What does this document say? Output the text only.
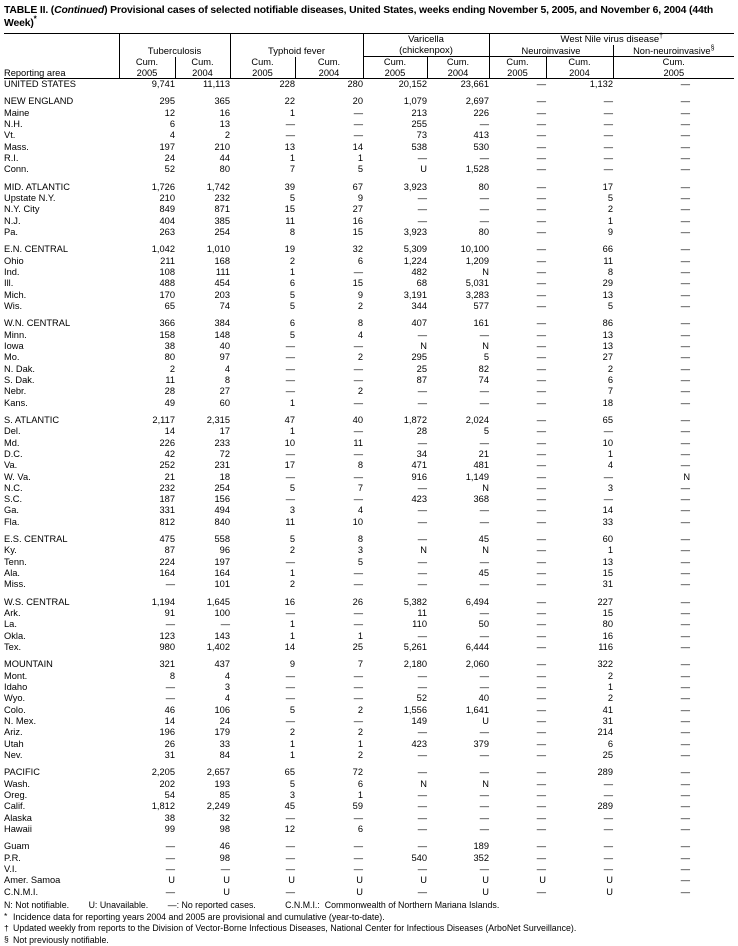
TABLE II. (Continued) Provisional cases of selected notifiable diseases, United States, weeks ending November 5, 2005, and November 6, 2004 (44th Week)*
					Varicella		West Nile virus disease†
	Tuberculosis		Typhoid fever		(chickenpox)		Neuroinvasive		Non-neuroinvasive§
	Cum.	Cum.	Cum.	Cum.	Cum.	Cum.	Cum.	Cum.	Cum.	
Reporting area	2005	2004	2005	2004	2005	2004	2005	2004	2005	
UNITED STATES	9,741	11,113	228	280	20,152	23,661	—	1,132	—	

NEW ENGLAND	295	365	22	20	1,079	2,697	—	—	—	
Maine	12	16	1	—	213	226	—	—	—	
N.H.	6	13	—	—	255	—	—	—	—	
Vt.	4	2	—	—	73	413	—	—	—	
Mass.	197	210	13	14	538	530	—	—	—	
R.I.	24	44	1	1	—	—	—	—	—	
Conn.	52	80	7	5	U	1,528	—	—	—	

MID. ATLANTIC	1,726	1,742	39	67	3,923	80	—	17	—	
Upstate N.Y.	210	232	5	9	—	—	—	5	—	
N.Y. City	849	871	15	27	—	—	—	2	—	
N.J.	404	385	11	16	—	—	—	1	—	
Pa.	263	254	8	15	3,923	80	—	9	—	

E.N. CENTRAL	1,042	1,010	19	32	5,309	10,100	—	66	—	
Ohio	211	168	2	6	1,224	1,209	—	11	—	
Ind.	108	111	1	—	482	N	—	8	—	
Ill.	488	454	6	15	68	5,031	—	29	—	
Mich.	170	203	5	9	3,191	3,283	—	13	—	
Wis.	65	74	5	2	344	577	—	5	—	

W.N. CENTRAL	366	384	6	8	407	161	—	86	—	
Minn.	158	148	5	4	—	—	—	13	—	
Iowa	38	40	—	—	N	N	—	13	—	
Mo.	80	97	—	2	295	5	—	27	—	
N. Dak.	2	4	—	—	25	82	—	2	—	
S. Dak.	11	8	—	—	87	74	—	6	—	
Nebr.	28	27	—	2	—	—	—	7	—	
Kans.	49	60	1	—	—	—	—	18	—	

S. ATLANTIC	2,117	2,315	47	40	1,872	2,024	—	65	—	
Del.	14	17	1	—	28	5	—	—	—	
Md.	226	233	10	11	—	—	—	10	—	
D.C.	42	72	—	—	34	21	—	1	—	
Va.	252	231	17	8	471	481	—	4	—	
W. Va.	21	18	—	—	916	1,149	—	—	N	
N.C.	232	254	5	7	—	N	—	3	—	
S.C.	187	156	—	—	423	368	—	—	—	
Ga.	331	494	3	4	—	—	—	14	—	
Fla.	812	840	11	10	—	—	—	33	—	

E.S. CENTRAL	475	558	5	8	—	45	—	60	—	
Ky.	87	96	2	3	N	N	—	1	—	
Tenn.	224	197	—	5	—	—	—	13	—	
Ala.	164	164	1	—	—	45	—	15	—	
Miss.	—	101	2	—	—	—	—	31	—	

W.S. CENTRAL	1,194	1,645	16	26	5,382	6,494	—	227	—	
Ark.	91	100	—	—	11	—	—	15	—	
La.	—	—	1	—	110	50	—	80	—	
Okla.	123	143	1	1	—	—	—	16	—	
Tex.	980	1,402	14	25	5,261	6,444	—	116	—	

MOUNTAIN	321	437	9	7	2,180	2,060	—	322	—	
Mont.	8	4	—	—	—	—	—	2	—	
Idaho	—	3	—	—	—	—	—	1	—	
Wyo.	—	4	—	—	52	40	—	2	—	
Colo.	46	106	5	2	1,556	1,641	—	41	—	
N. Mex.	14	24	—	—	149	U	—	31	—	
Ariz.	196	179	2	2	—	—	—	214	—	
Utah	26	33	1	1	423	379	—	6	—	
Nev.	31	84	1	2	—	—	—	25	—	

PACIFIC	2,205	2,657	65	72	—	—	—	289	—	
Wash.	202	193	5	6	N	N	—	—	—	
Oreg.	54	85	3	1	—	—	—	—	—	
Calif.	1,812	2,249	45	59	—	—	—	289	—	
Alaska	38	32	—	—	—	—	—	—	—	
Hawaii	99	98	12	6	—	—	—	—	—	

Guam	—	46	—	—	—	189	—	—	—	
P.R.	—	98	—	—	540	352	—	—	—	
V.I.	—	—	—	—	—	—	—	—	—	
Amer. Samoa	U	U	U	U	U	U	U	U	—	
C.N.M.I.	—	U	—	U	—	U	—	U	—	
N: Not notifiable.        U: Unavailable.        —: No reported cases.            C.N.M.I.:  Commonwealth of Northern Mariana Islands.
* Incidence data for reporting years 2004 and 2005 are provisional and cumulative (year-to-date).
† Updated weekly from reports to the Division of Vector-Borne Infectious Diseases, National Center for Infectious Diseases (ArboNet Surveillance).
§ Not previously notifiable.
